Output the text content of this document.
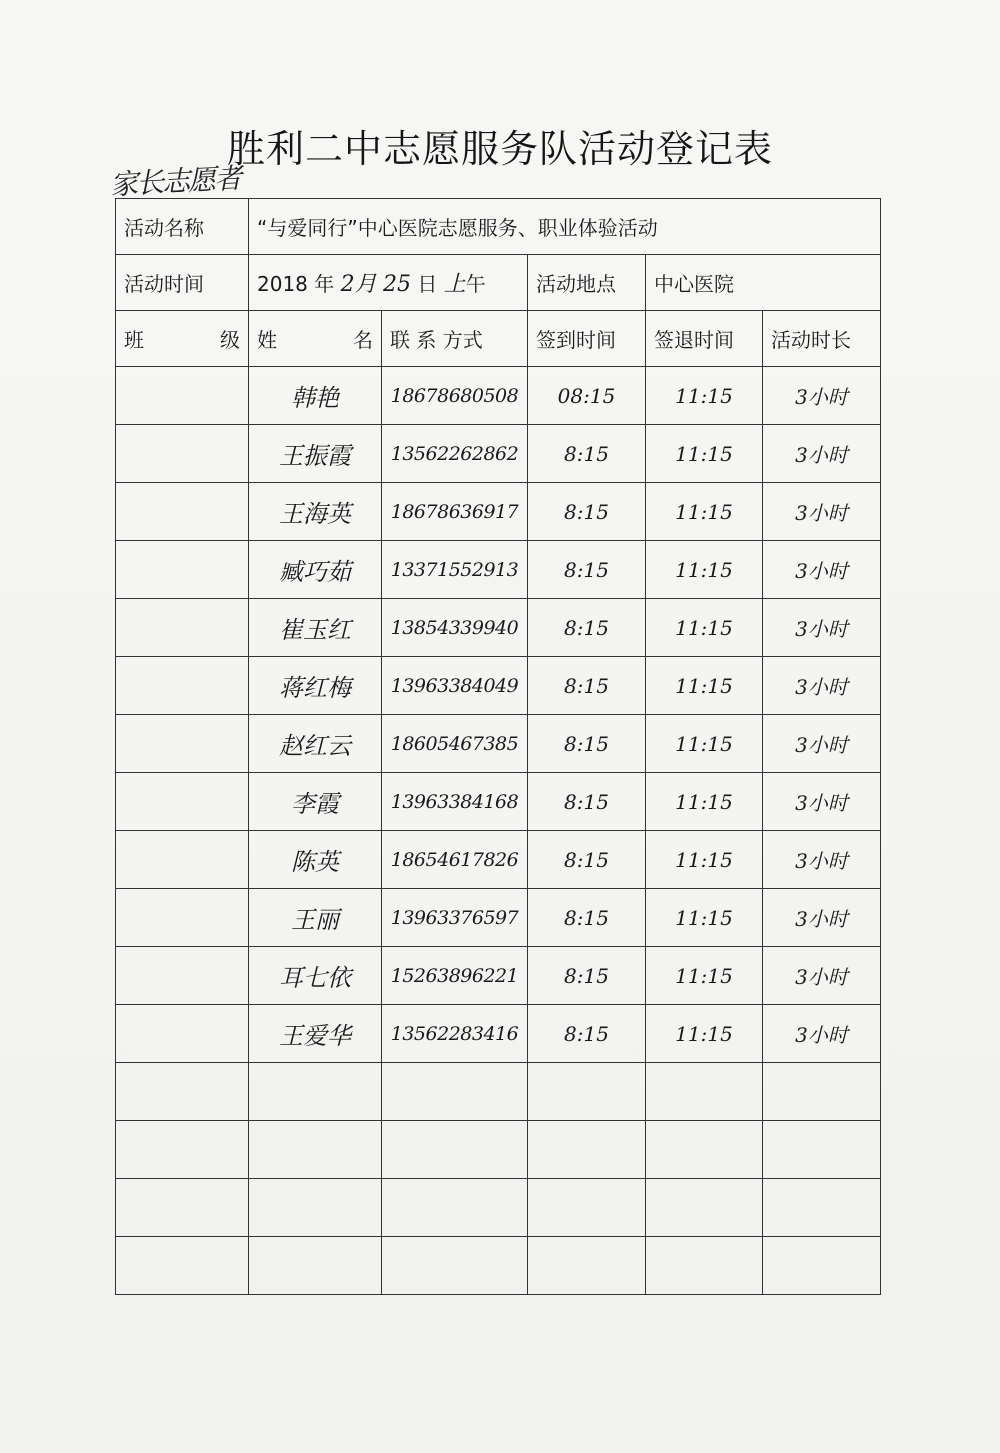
胜利二中志愿服务队活动登记表
家长志愿者
活动名称	“与爱同行”中心医院志愿服务、职业体验活动				
活动时间	2018 年 2月 25 日 上午		活动地点	中心医院	

班 级	姓 名	联 系 方式	签到时间	签退时间	活动时长
	韩艳	18678680508	08:15	11:15	3小时
	王振霞	13562262862	8:15	11:15	3小时
	王海英	18678636917	8:15	11:15	3小时
	臧巧茹	13371552913	8:15	11:15	3小时
	崔玉红	13854339940	8:15	11:15	3小时
	蒋红梅	13963384049	8:15	11:15	3小时
	赵红云	18605467385	8:15	11:15	3小时
	李霞	13963384168	8:15	11:15	3小时
	陈英	18654617826	8:15	11:15	3小时
	王丽	13963376597	8:15	11:15	3小时
	耳七依	15263896221	8:15	11:15	3小时
	王爱华	13562283416	8:15	11:15	3小时
